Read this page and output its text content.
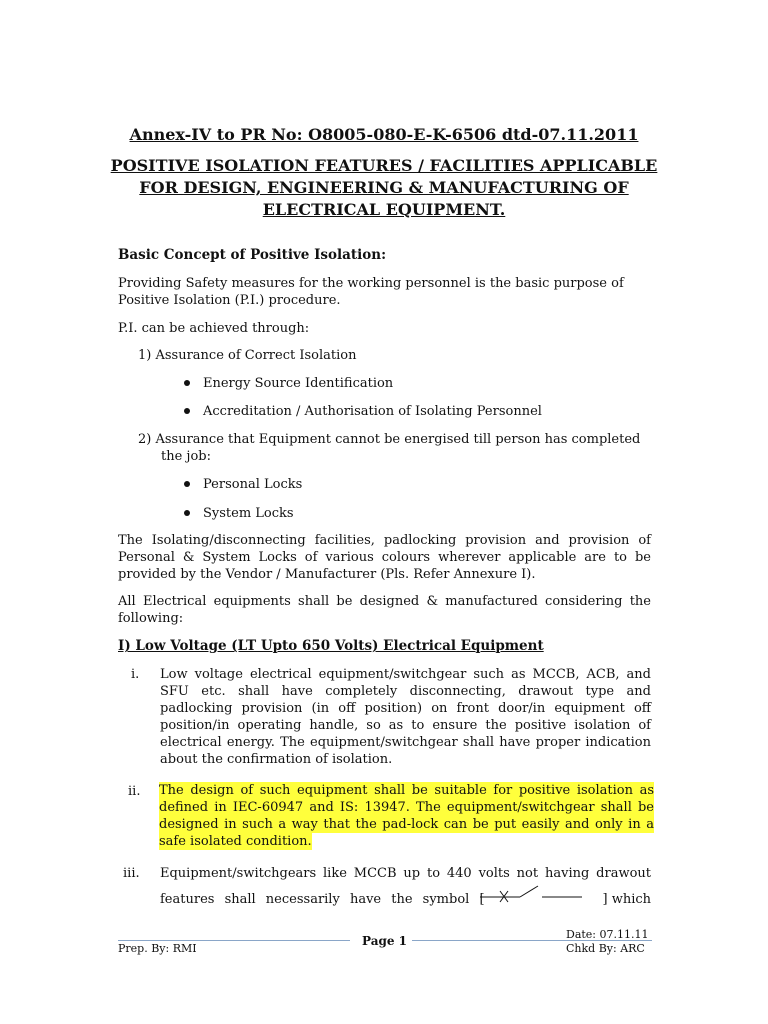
Annex-IV to PR No: O8005-080-E-K-6506 dtd-07.11.2011
POSITIVE ISOLATION FEATURES / FACILITIES APPLICABLE
FOR DESIGN, ENGINEERING & MANUFACTURING OF
ELECTRICAL EQUIPMENT.
Basic Concept of Positive Isolation:
Providing Safety measures for the working personnel is the basic purpose of
Positive Isolation (P.I.) procedure.
P.I. can be achieved through:
1) Assurance of Correct Isolation
Energy Source Identification
Accreditation / Authorisation of Isolating Personnel
2) Assurance that Equipment cannot be energised till person has completed
the job:
Personal Locks
System Locks
The Isolating/disconnecting facilities, padlocking provision and provision of Personal & System Locks of various colours wherever applicable are to be provided by the Vendor / Manufacturer (Pls. Refer Annexure I).
All Electrical equipments shall be designed & manufactured considering the following:
I) Low Voltage (LT Upto 650 Volts) Electrical Equipment
i. Low voltage electrical equipment/switchgear such as MCCB, ACB, and SFU etc. shall have completely disconnecting, drawout type and padlocking provision (in off position) on front door/in equipment off position/in operating handle, so as to ensure the positive isolation of electrical energy. The equipment/switchgear shall have proper indication about the confirmation of isolation.
ii. The design of such equipment shall be suitable for positive isolation as
defined in IEC-60947 and IS: 13947. The equipment/switchgear shall be
designed in such a way that the pad-lock can be put easily and only in a
safe isolated condition.
iii. Equipment/switchgears like MCCB up to 440 volts not having drawout
features shall necessarily have the symbol [	] which
Date: 07.11.11
Page 1
Prep. By: RMI	Chkd By: ARC
